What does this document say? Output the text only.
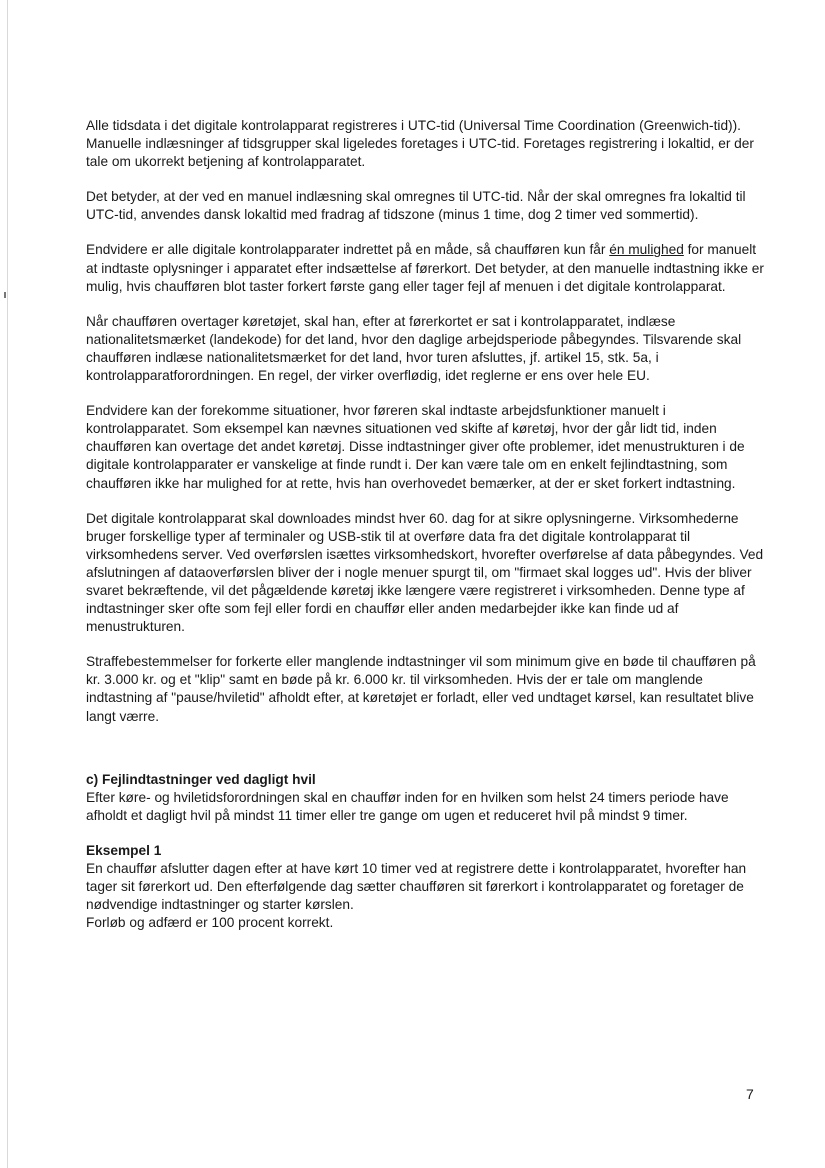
Alle tidsdata i det digitale kontrolapparat registreres i UTC-tid (Universal Time Coordination (Greenwich-tid)). Manuelle indlæsninger af tidsgrupper skal ligeledes foretages i UTC-tid. Foretages registrering i lokaltid, er der tale om ukorrekt betjening af kontrolapparatet.

Det betyder, at der ved en manuel indlæsning skal omregnes til UTC-tid. Når der skal omregnes fra lokaltid til UTC-tid, anvendes dansk lokaltid med fradrag af tidszone (minus 1 time, dog 2 timer ved sommertid).

Endvidere er alle digitale kontrolapparater indrettet på en måde, så chaufføren kun får én mulighed for manuelt at indtaste oplysninger i apparatet efter indsættelse af førerkort. Det betyder, at den manuelle indtastning ikke er mulig, hvis chaufføren blot taster forkert første gang eller tager fejl af menuen i det digitale kontrolapparat.

Når chaufføren overtager køretøjet, skal han, efter at førerkortet er sat i kontrolapparatet, indlæse nationalitetsmærket (landekode) for det land, hvor den daglige arbejdsperiode påbegyndes. Tilsvarende skal chaufføren indlæse nationalitetsmærket for det land, hvor turen afsluttes, jf. artikel 15, stk. 5a, i kontrolapparatforordningen. En regel, der virker overflødig, idet reglerne er ens over hele EU.

Endvidere kan der forekomme situationer, hvor føreren skal indtaste arbejdsfunktioner manuelt i kontrolapparatet. Som eksempel kan nævnes situationen ved skifte af køretøj, hvor der går lidt tid, inden chaufføren kan overtage det andet køretøj. Disse indtastninger giver ofte problemer, idet menustrukturen i de digitale kontrolapparater er vanskelige at finde rundt i. Der kan være tale om en enkelt fejlindtastning, som chaufføren ikke har mulighed for at rette, hvis han overhovedet bemærker, at der er sket forkert indtastning.

Det digitale kontrolapparat skal downloades mindst hver 60. dag for at sikre oplysningerne. Virksomhederne bruger forskellige typer af terminaler og USB-stik til at overføre data fra det digitale kontrolapparat til virksomhedens server. Ved overførslen isættes virksomhedskort, hvorefter overførelse af data påbegyndes. Ved afslutningen af dataoverførslen bliver der i nogle menuer spurgt til, om "firmaet skal logges ud". Hvis der bliver svaret bekræftende, vil det pågældende køretøj ikke længere være registreret i virksomheden. Denne type af indtastninger sker ofte som fejl eller fordi en chauffør eller anden medarbejder ikke kan finde ud af menustrukturen.

Straffebestemmelser for forkerte eller manglende indtastninger vil som minimum give en bøde til chaufføren på kr. 3.000 kr. og et "klip" samt en bøde på kr. 6.000 kr. til virksomheden. Hvis der er tale om manglende indtastning af "pause/hviletid" afholdt efter, at køretøjet er forladt, eller ved undtaget kørsel, kan resultatet blive langt værre.

c) Fejlindtastninger ved dagligt hvil

Efter køre- og hviletidsforordningen skal en chauffør inden for en hvilken som helst 24 timers periode have afholdt et dagligt hvil på mindst 11 timer eller tre gange om ugen et reduceret hvil på mindst 9 timer.

Eksempel 1

En chauffør afslutter dagen efter at have kørt 10 timer ved at registrere dette i kontrolapparatet, hvorefter han tager sit førerkort ud. Den efterfølgende dag sætter chaufføren sit førerkort i kontrolapparatet og foretager de nødvendige indtastninger og starter kørslen.

Forløb og adfærd er 100 procent korrekt.

7
